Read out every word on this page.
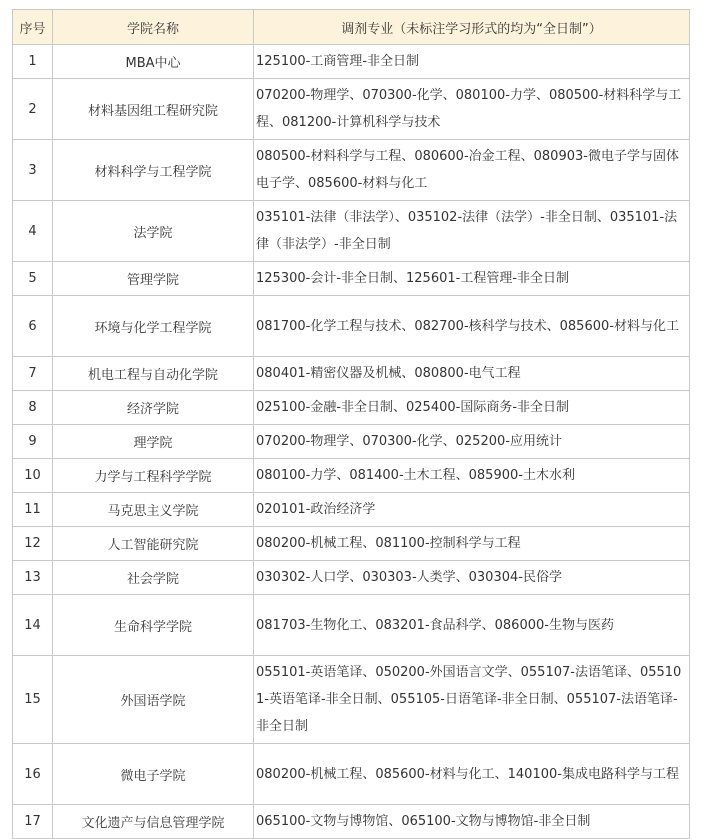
序号	学院名称	调剂专业（未标注学习形式的均为“全日制”）
1	MBA中心	125100-工商管理-非全日制
2	材料基因组工程研究院	070200-物理学、070300-化学、080100-力学、080500-材料科学与工程、081200-计算机科学与技术
3	材料科学与工程学院	080500-材料科学与工程、080600-冶金工程、080903-微电子学与固体电子学、085600-材料与化工
4	法学院	035101-法律（非法学）、035102-法律（法学）-非全日制、035101-法律（非法学）-非全日制
5	管理学院	125300-会计-非全日制、125601-工程管理-非全日制
6	环境与化学工程学院	081700-化学工程与技术、082700-核科学与技术、085600-材料与化工
7	机电工程与自动化学院	080401-精密仪器及机械、080800-电气工程
8	经济学院	025100-金融-非全日制、025400-国际商务-非全日制
9	理学院	070200-物理学、070300-化学、025200-应用统计
10	力学与工程科学学院	080100-力学、081400-土木工程、085900-土木水利
11	马克思主义学院	020101-政治经济学
12	人工智能研究院	080200-机械工程、081100-控制科学与工程
13	社会学院	030302-人口学、030303-人类学、030304-民俗学
14	生命科学学院	081703-生物化工、083201-食品科学、086000-生物与医药
15	外国语学院	055101-英语笔译、050200-外国语言文学、055107-法语笔译、055101-英语笔译-非全日制、055105-日语笔译-非全日制、055107-法语笔译-非全日制
16	微电子学院	080200-机械工程、085600-材料与化工、140100-集成电路科学与工程
17	文化遗产与信息管理学院	065100-文物与博物馆、065100-文物与博物馆-非全日制
